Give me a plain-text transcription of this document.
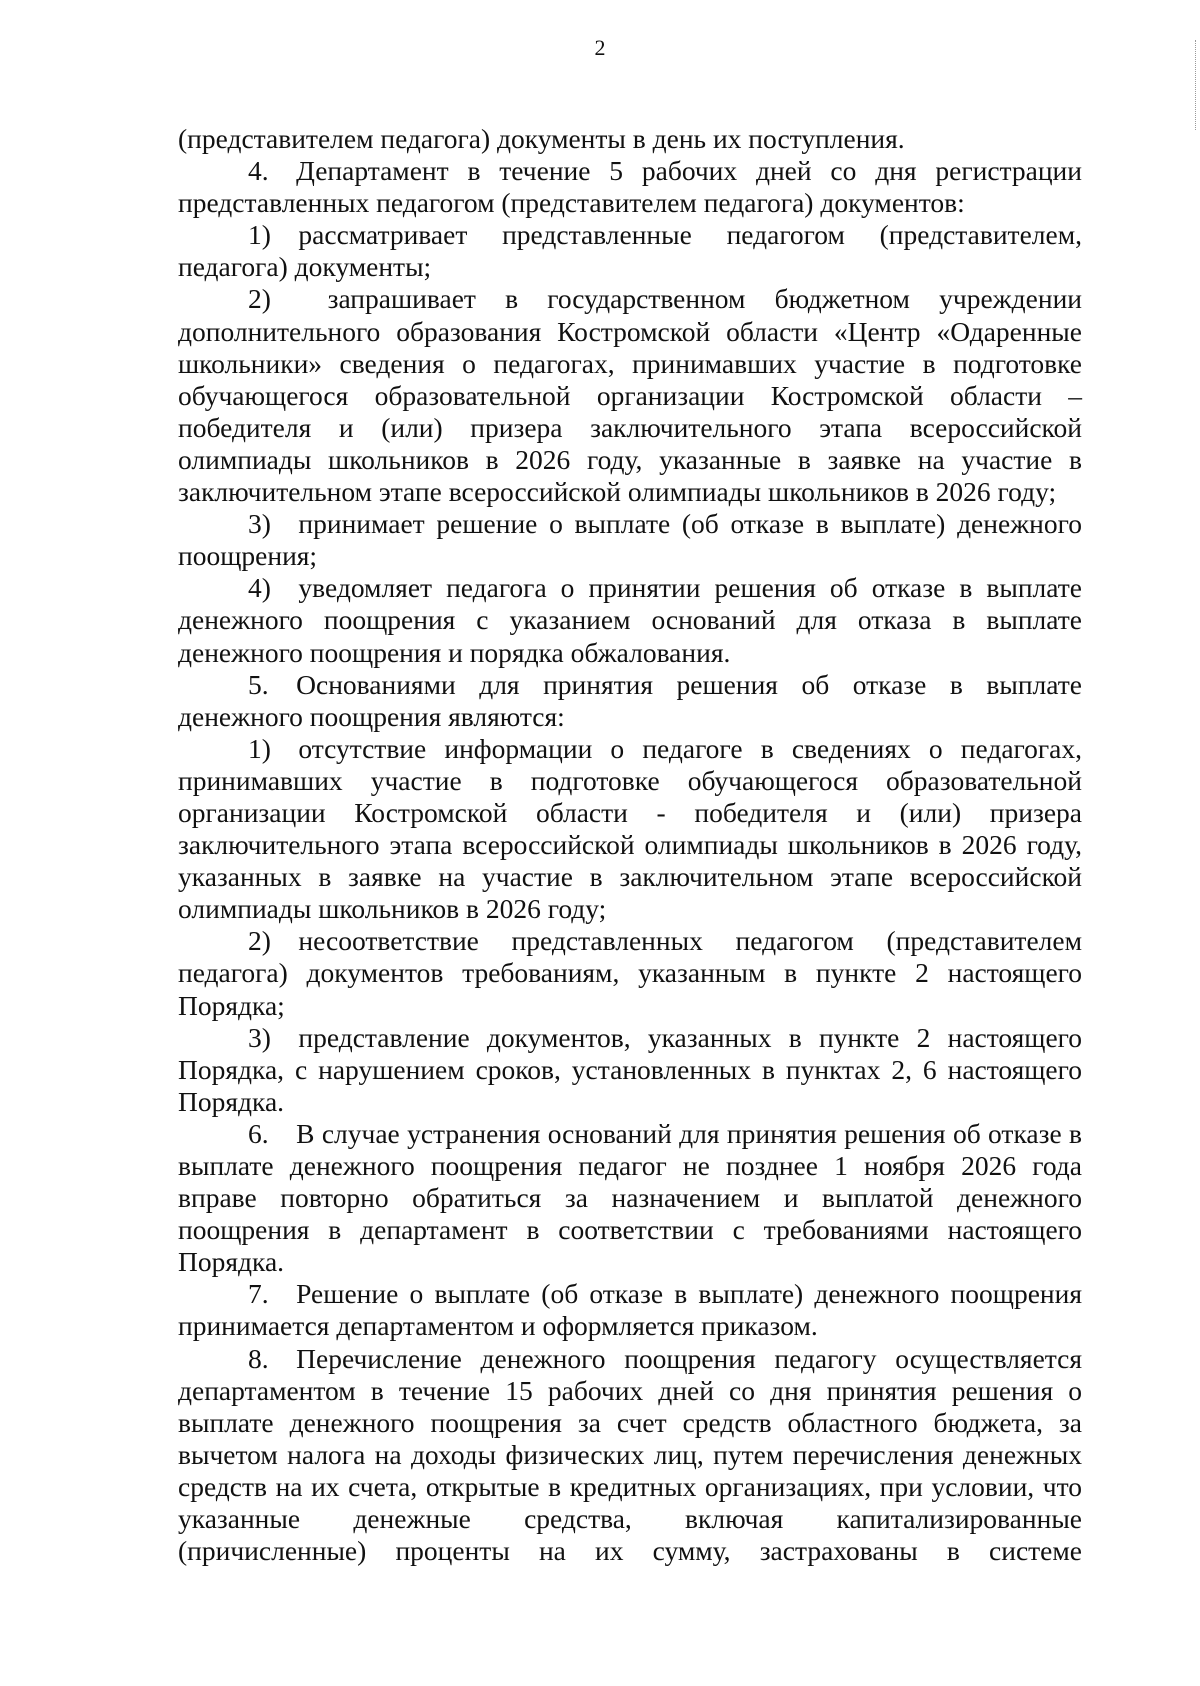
2

(представителем педагога) документы в день их поступления.

4. Департамент в течение 5 рабочих дней со дня регистрации представленных педагогом (представителем педагога) документов:

1) рассматривает представленные педагогом (представителем, педагога) документы;

2)  запрашивает в государственном бюджетном учреждении дополнительного образования Костромской области «Центр «Одаренные школьники» сведения о педагогах, принимавших участие в подготовке обучающегося образовательной организации Костромской области – победителя и (или) призера заключительного этапа всероссийской олимпиады школьников в 2026 году, указанные в заявке на участие в заключительном этапе всероссийской олимпиады школьников в 2026 году;

3) принимает решение о выплате (об отказе в выплате) денежного поощрения;

4) уведомляет педагога о принятии решения об отказе в выплате денежного поощрения с указанием оснований для отказа в выплате денежного поощрения и порядка обжалования.

5. Основаниями для принятия решения об отказе в выплате денежного поощрения являются:

1) отсутствие информации о педагоге в сведениях о педагогах, принимавших участие в подготовке обучающегося образовательной организации Костромской области - победителя и (или) призера заключительного этапа всероссийской олимпиады школьников в 2026 году, указанных в заявке на участие в заключительном этапе всероссийской олимпиады школьников в 2026 году;

2) несоответствие представленных педагогом (представителем педагога) документов требованиям, указанным в пункте 2 настоящего Порядка;

3) представление документов, указанных в пункте 2 настоящего Порядка, с нарушением сроков, установленных в пунктах 2, 6 настоящего Порядка.

6. В случае устранения оснований для принятия решения об отказе в выплате денежного поощрения педагог не позднее 1 ноября 2026 года вправе повторно обратиться за назначением и выплатой денежного поощрения в департамент в соответствии с требованиями настоящего Порядка.

7. Решение о выплате (об отказе в выплате) денежного поощрения принимается департаментом и оформляется приказом.

8. Перечисление денежного поощрения педагогу осуществляется департаментом в течение 15 рабочих дней со дня принятия решения о выплате денежного поощрения за счет средств областного бюджета, за вычетом налога на доходы физических лиц, путем перечисления денежных средств на их счета, открытые в кредитных организациях, при условии, что указанные денежные средства, включая капитализированные (причисленные) проценты на их сумму, застрахованы в системе
